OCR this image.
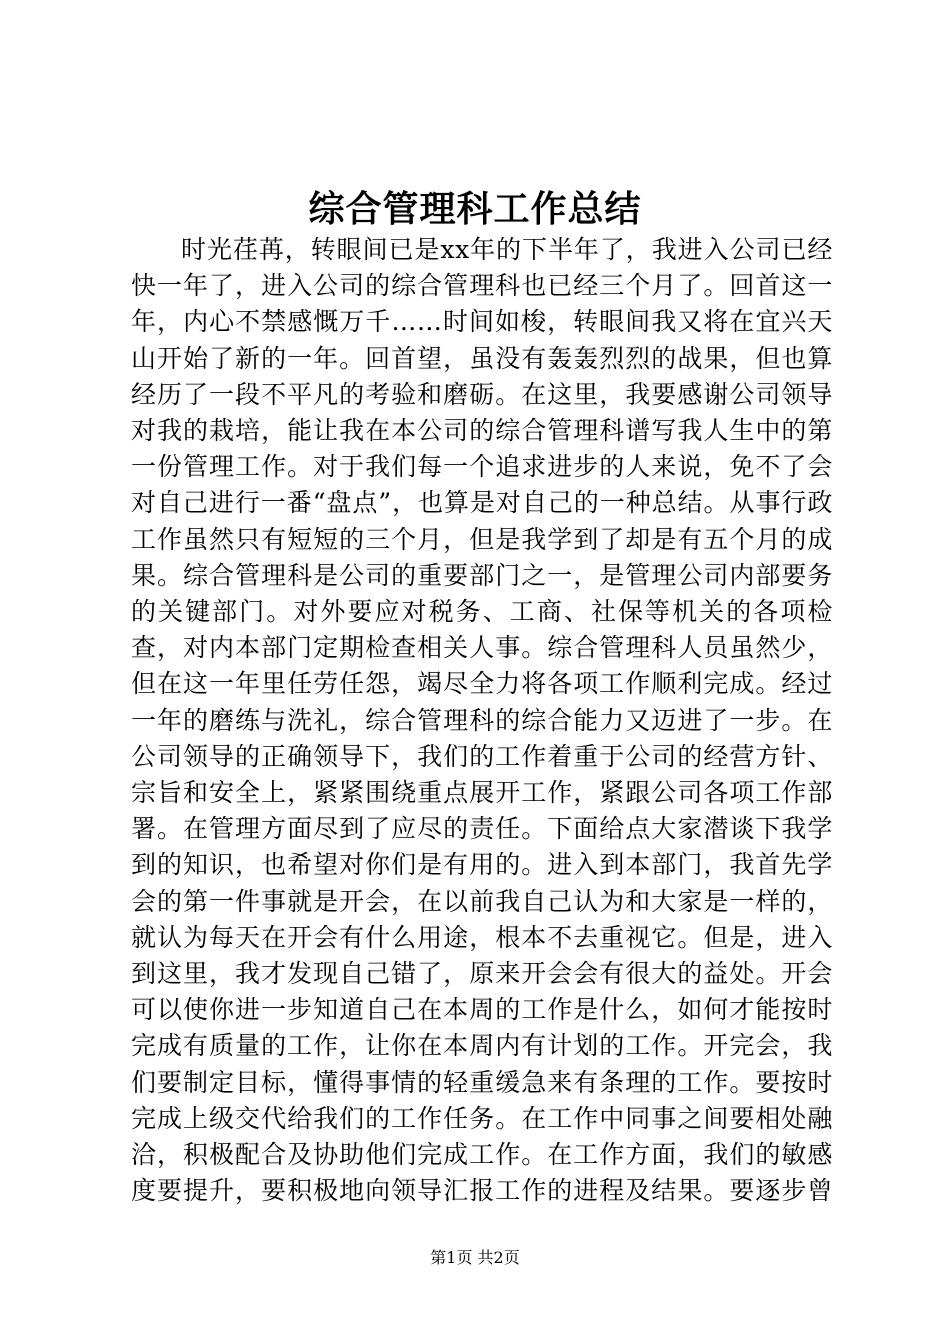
综合管理科工作总结

时光荏苒，转眼间已是xx年的下半年了，我进入公司已经快一年了，进入公司的综合管理科也已经三个月了。回首这一年，内心不禁感慨万千……时间如梭，转眼间我又将在宜兴天山开始了新的一年。回首望，虽没有轰轰烈烈的战果，但也算经历了一段不平凡的考验和磨砺。在这里，我要感谢公司领导对我的栽培，能让我在本公司的综合管理科谱写我人生中的第一份管理工作。对于我们每一个追求进步的人来说，免不了会对自己进行一番“盘点”，也算是对自己的一种总结。从事行政工作虽然只有短短的三个月，但是我学到了却是有五个月的成果。综合管理科是公司的重要部门之一，是管理公司内部要务的关键部门。对外要应对税务、工商、社保等机关的各项检查，对内本部门定期检查相关人事。综合管理科人员虽然少，但在这一年里任劳任怨，竭尽全力将各项工作顺利完成。经过一年的磨练与洗礼，综合管理科的综合能力又迈进了一步。在公司领导的正确领导下，我们的工作着重于公司的经营方针、宗旨和安全上，紧紧围绕重点展开工作，紧跟公司各项工作部署。在管理方面尽到了应尽的责任。下面给点大家潜谈下我学到的知识，也希望对你们是有用的。进入到本部门，我首先学会的第一件事就是开会，在以前我自己认为和大家是一样的，就认为每天在开会有什么用途，根本不去重视它。但是，进入到这里，我才发现自己错了，原来开会会有很大的益处。开会可以使你进一步知道自己在本周的工作是什么，如何才能按时完成有质量的工作，让你在本周内有计划的工作。开完会，我们要制定目标，懂得事情的轻重缓急来有条理的工作。要按时完成上级交代给我们的工作任务。在工作中同事之间要相处融洽，积极配合及协助他们完成工作。在工作方面，我们的敏感度要提升，要积极地向领导汇报工作的进程及结果。要逐步曾

第1页 共2页
